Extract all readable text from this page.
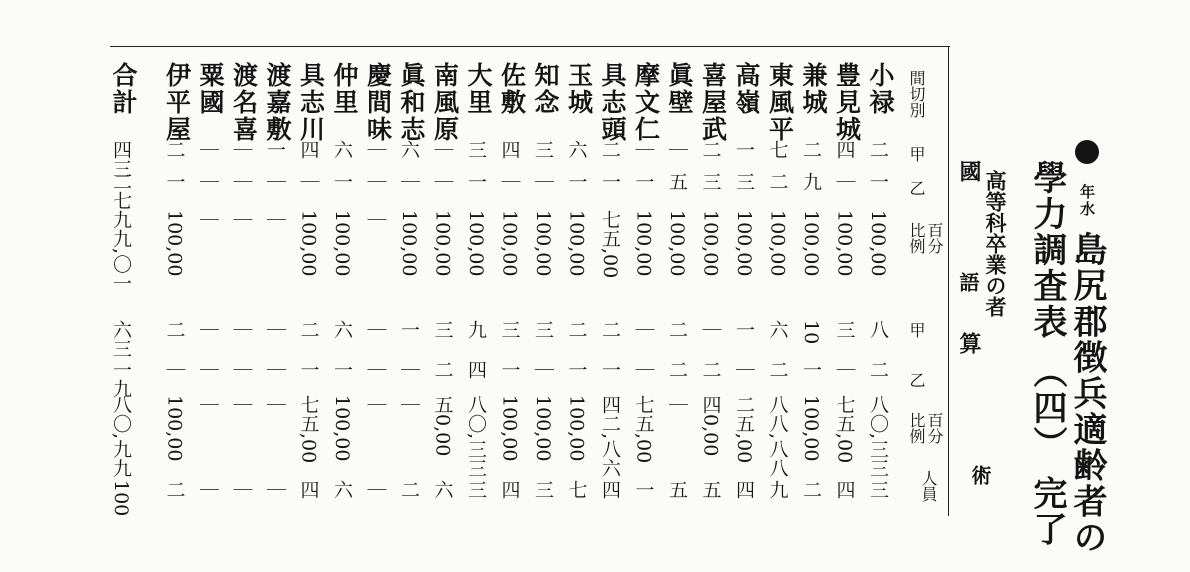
年水 島尻郡徴兵適齢者の
學力調査表 （四） 完了
高等科卒業の者
國
語
算
術
間切別
甲
乙
比例 百分
甲
乙
比例 百分
人員
小禄
二
一
100,00
八
二
八〇,三三
三
豊見城
四
｜
100,00
三
｜
七五,00
四
兼城
二
九
100,00
10
一
100,00
二
東風平
七
二
100,00
六
二
八八,八八
九
高嶺
一
三
100,00
一
｜
二五,00
四
喜屋武
二
三
100,00
｜
二
四0,00
五
眞壁
｜
五
100,00
二
二
｜
五
摩文仁
｜
一
100,00
｜
｜
七五,00
一
具志頭
二
一
七五,00
二
一
四二,八六
四
玉城
六
一
100,00
二
一
100,00
七
知念
三
｜
100,00
三
｜
100,00
三
佐敷
四
｜
100,00
三
一
100,00
四
大里
三
一
100,00
九
四
八〇,三三
三
南風原
｜
｜
100,00
三
二
五0,00
六
眞和志
六
｜
100,00
一
｜
｜
二
慶間味
｜
｜
｜
｜
｜
｜
｜
仲里
六
一
100,00
六
一
100,00
六
具志川
四
｜
100,00
二
一
七五,00
四
渡嘉敷
一
｜
｜
｜
｜
｜
｜
渡名喜
｜
｜
｜
｜
｜
｜
｜
粟國
｜
｜
｜
｜
｜
｜
｜
伊平屋
二
一
100,00
二
｜
100,00
二
合計
四三
二七
九九,〇一
六三
一九
八〇,九九
100
